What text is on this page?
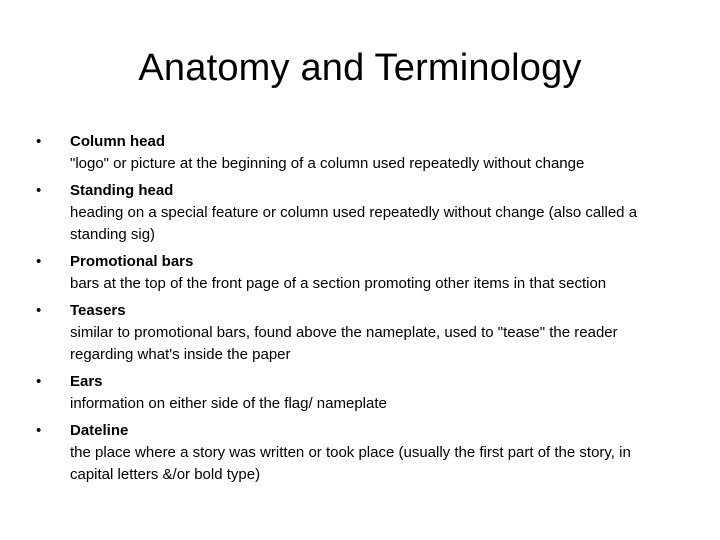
Anatomy and Terminology
•	Column head
"logo" or picture at the beginning of a column used repeatedly without change
•	Standing head
heading on a special feature or column used repeatedly without change (also called a standing sig)
•	Promotional bars
bars at the top of the front page of a section promoting other items in that section
•	Teasers
similar to promotional bars, found above the nameplate, used to "tease" the reader regarding what's inside the paper
•	Ears
information on either side of the flag/ nameplate
•	Dateline
the place where a story was written or took place (usually the first part of the story, in capital letters &/or bold type)
